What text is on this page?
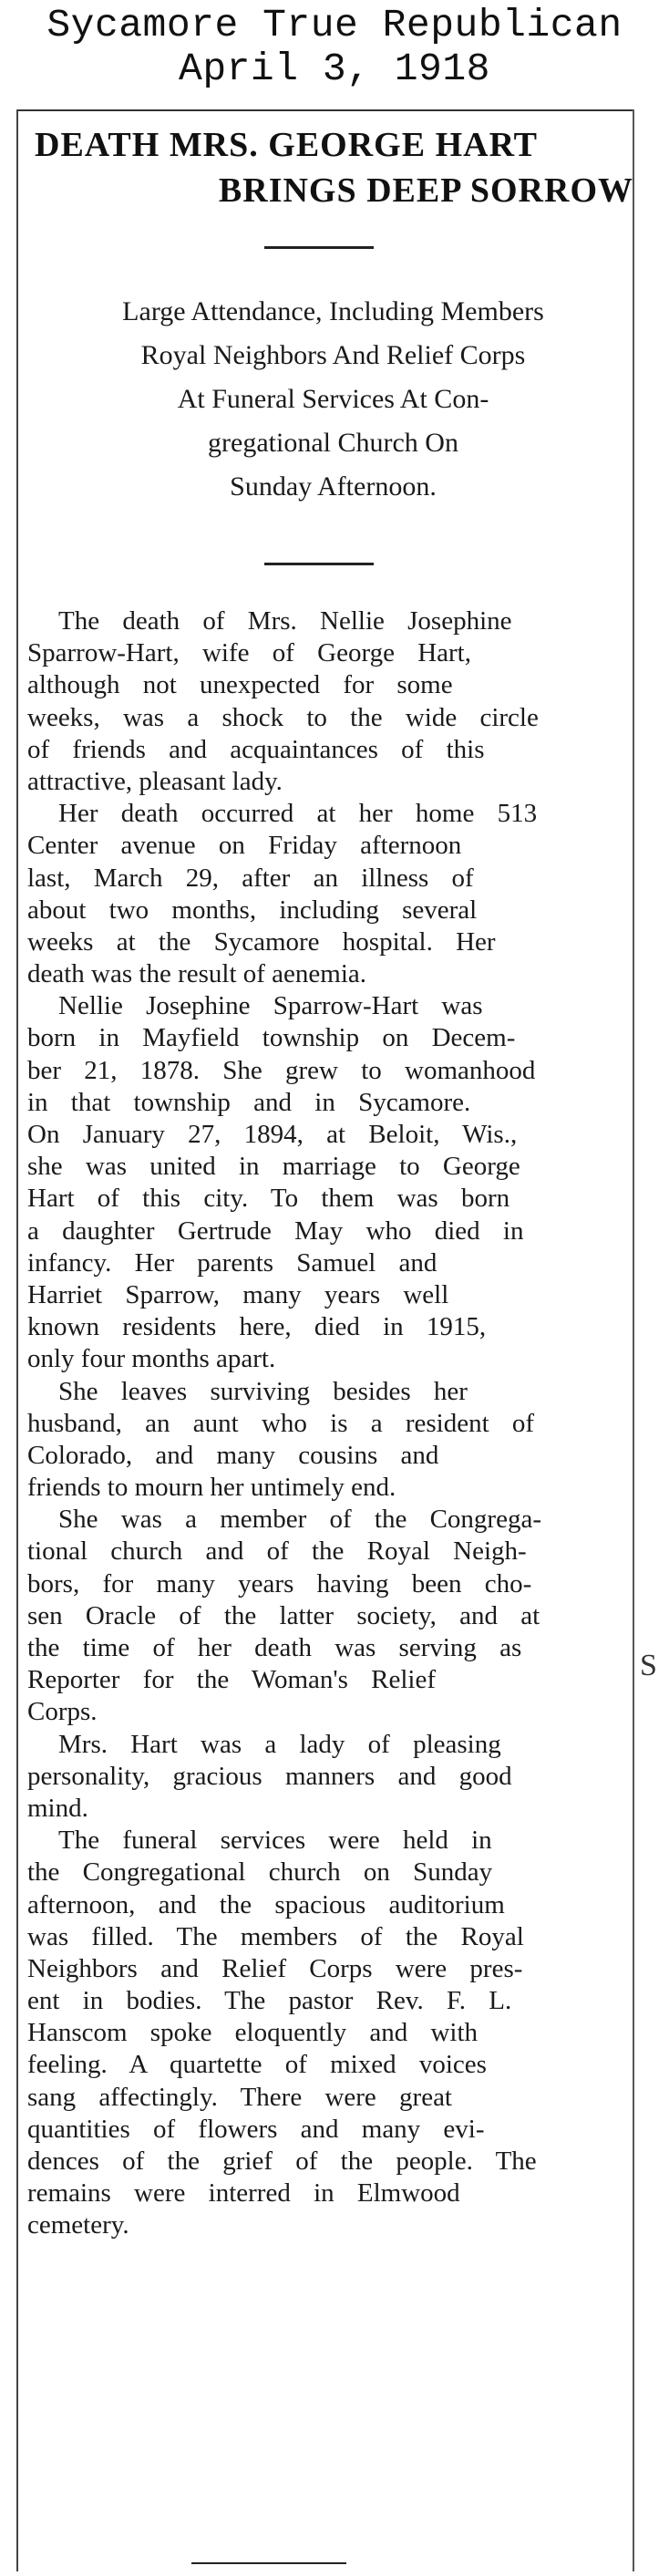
Sycamore True Republican
April 3, 1918
DEATH MRS. GEORGE HART
BRINGS DEEP SORROW
Large Attendance, Including Members
Royal Neighbors And Relief Corps
At Funeral Services At Con-
gregational Church On
Sunday Afternoon.
The death of Mrs. Nellie Josephine
Sparrow-Hart, wife of George Hart,
although not unexpected for some
weeks, was a shock to the wide circle
of friends and acquaintances of this
attractive, pleasant lady.
Her death occurred at her home 513
Center avenue on Friday afternoon
last, March 29, after an illness of
about two months, including several
weeks at the Sycamore hospital. Her
death was the result of aenemia.
Nellie Josephine Sparrow-Hart was
born in Mayfield township on Decem-
ber 21, 1878. She grew to womanhood
in that township and in Sycamore.
On January 27, 1894, at Beloit, Wis.,
she was united in marriage to George
Hart of this city. To them was born
a daughter Gertrude May who died in
infancy. Her parents Samuel and
Harriet Sparrow, many years well
known residents here, died in 1915,
only four months apart.
She leaves surviving besides her
husband, an aunt who is a resident of
Colorado, and many cousins and
friends to mourn her untimely end.
She was a member of the Congrega-
tional church and of the Royal Neigh-
bors, for many years having been cho-
sen Oracle of the latter society, and at
the time of her death was serving as
Reporter for the Woman's Relief
Corps.
Mrs. Hart was a lady of pleasing
personality, gracious manners and good
mind.
The funeral services were held in
the Congregational church on Sunday
afternoon, and the spacious auditorium
was filled. The members of the Royal
Neighbors and Relief Corps were pres-
ent in bodies. The pastor Rev. F. L.
Hanscom spoke eloquently and with
feeling. A quartette of mixed voices
sang affectingly. There were great
quantities of flowers and many evi-
dences of the grief of the people. The
remains were interred in Elmwood
cemetery.
S
